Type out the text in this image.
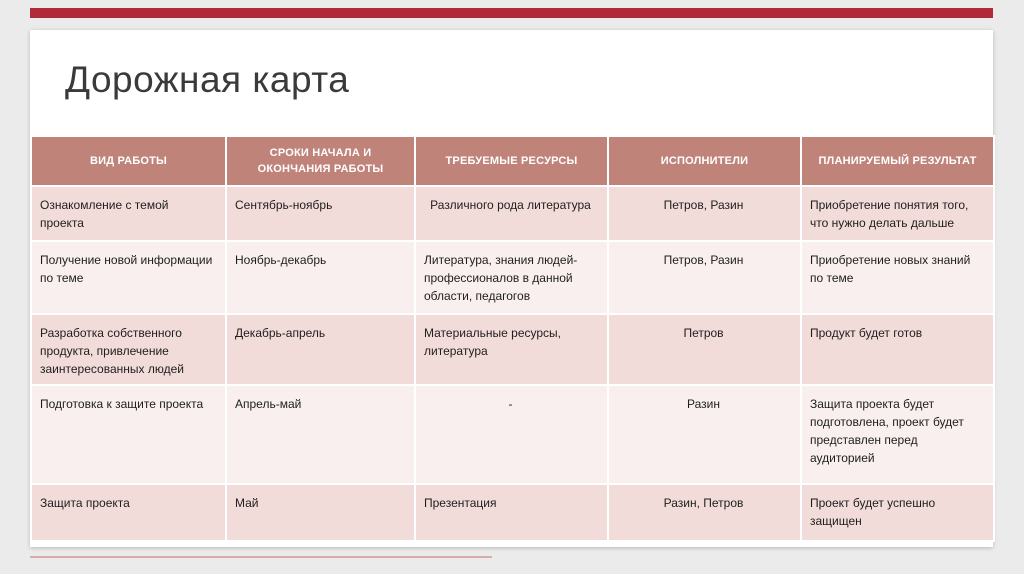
Дорожная карта
ВИД РАБОТЫ	СРОКИ НАЧАЛА И ОКОНЧАНИЯ РАБОТЫ	ТРЕБУЕМЫЕ РЕСУРСЫ	ИСПОЛНИТЕЛИ	ПЛАНИРУЕМЫЙ РЕЗУЛЬТАТ
Ознакомление с темой проекта	Сентябрь-ноябрь	Различного рода литература	Петров, Разин	Приобретение понятия того, что нужно делать дальше
Получение новой информации по теме	Ноябрь-декабрь	Литература, знания людей-профессионалов в данной области, педагогов	Петров, Разин	Приобретение новых знаний по теме
Разработка собственного продукта, привлечение заинтересованных людей	Декабрь-апрель	Материальные ресурсы, литература	Петров	Продукт будет готов
Подготовка к защите проекта	Апрель-май	-	Разин	Защита проекта будет подготовлена, проект будет представлен перед аудиторией
Защита проекта	Май	Презентация	Разин, Петров	Проект будет успешно защищен
